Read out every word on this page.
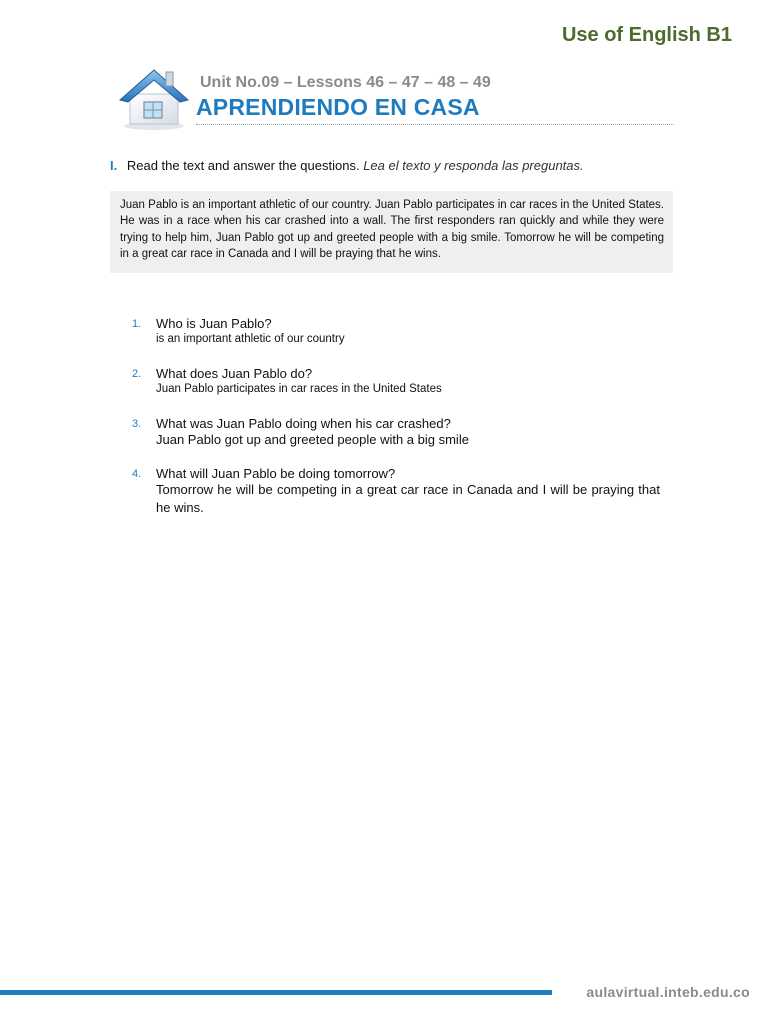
Use of English B1
Unit No.09 – Lessons 46 – 47 – 48 – 49
APRENDIENDO EN CASA
I. Read the text and answer the questions. Lea el texto y responda las preguntas.
Juan Pablo is an important athletic of our country. Juan Pablo participates in car races in the United States. He was in a race when his car crashed into a wall. The first responders ran quickly and while they were trying to help him, Juan Pablo got up and greeted people with a big smile. Tomorrow he will be competing in a great car race in Canada and I will be praying that he wins.
1. Who is Juan Pablo?
is an important athletic of our country
2. What does Juan Pablo do?
Juan Pablo participates in car races in the United States
3. What was Juan Pablo doing when his car crashed?
Juan Pablo got up and greeted people with a big smile
4. What will Juan Pablo be doing tomorrow?
Tomorrow he will be competing in a great car race in Canada and I will be praying that he wins.
aulavirtual.inteb.edu.co
